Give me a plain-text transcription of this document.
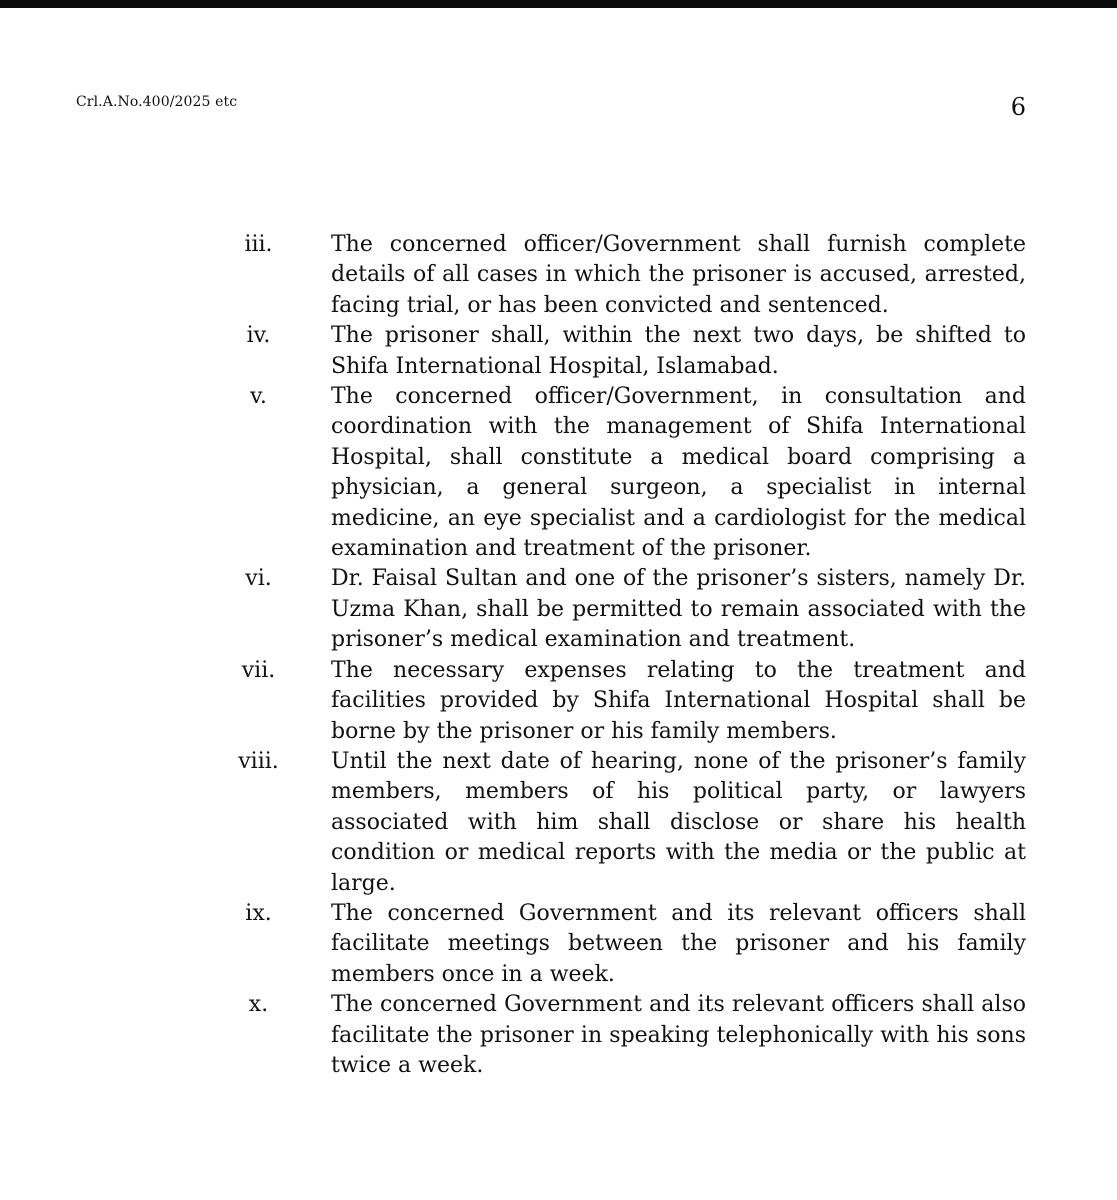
Crl.A.No.400/2025 etc	6
iii.	The concerned officer/Government shall furnish complete details of all cases in which the prisoner is accused, arrested, facing trial, or has been convicted and sentenced.
iv.	The prisoner shall, within the next two days, be shifted to Shifa International Hospital, Islamabad.
v.	The concerned officer/Government, in consultation and coordination with the management of Shifa International Hospital, shall constitute a medical board comprising a physician, a general surgeon, a specialist in internal medicine, an eye specialist and a cardiologist for the medical examination and treatment of the prisoner.
vi.	Dr. Faisal Sultan and one of the prisoner’s sisters, namely Dr. Uzma Khan, shall be permitted to remain associated with the prisoner’s medical examination and treatment.
vii.	The necessary expenses relating to the treatment and facilities provided by Shifa International Hospital shall be borne by the prisoner or his family members.
viii.	Until the next date of hearing, none of the prisoner’s family members, members of his political party, or lawyers associated with him shall disclose or share his health condition or medical reports with the media or the public at large.
ix.	The concerned Government and its relevant officers shall facilitate meetings between the prisoner and his family members once in a week.
x.	The concerned Government and its relevant officers shall also facilitate the prisoner in speaking telephonically with his sons twice a week.
